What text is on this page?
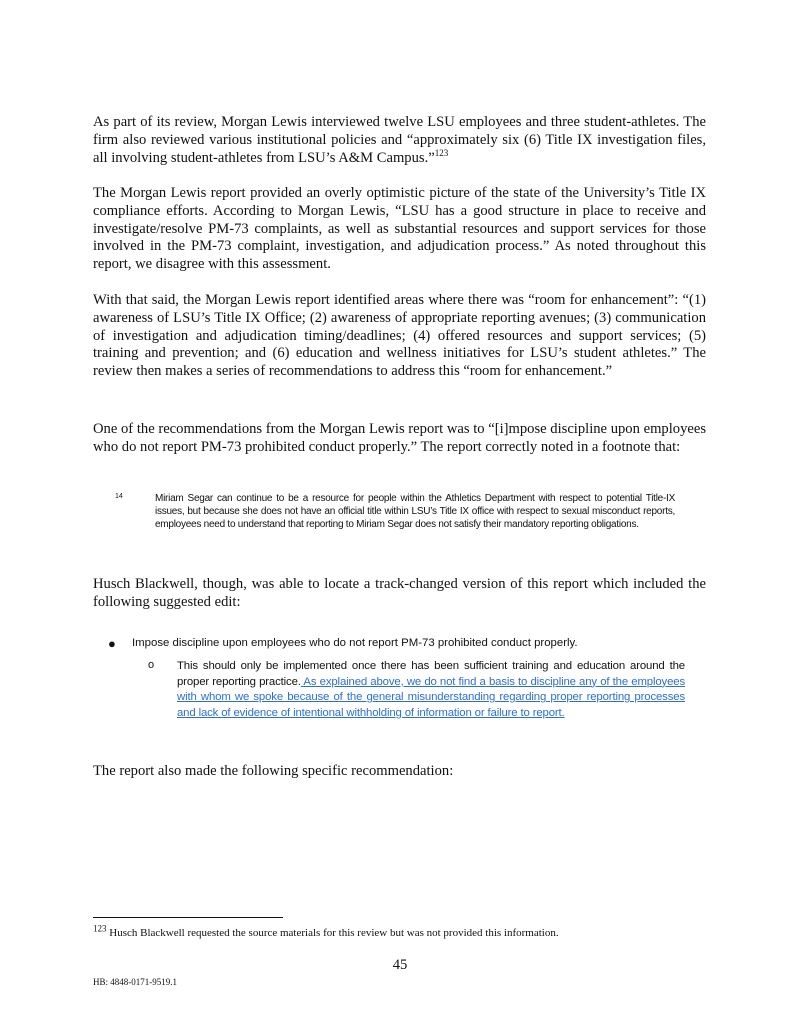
As part of its review, Morgan Lewis interviewed twelve LSU employees and three student-athletes. The firm also reviewed various institutional policies and “approximately six (6) Title IX investigation files, all involving student-athletes from LSU’s A&M Campus.”$^{123}$

The Morgan Lewis report provided an overly optimistic picture of the state of the University’s Title IX compliance efforts. According to Morgan Lewis, “LSU has a good structure in place to receive and investigate/resolve PM-73 complaints, as well as substantial resources and support services for those involved in the PM-73 complaint, investigation, and adjudication process.” As noted throughout this report, we disagree with this assessment.

With that said, the Morgan Lewis report identified areas where there was “room for enhancement”: “(1) awareness of LSU’s Title IX Office; (2) awareness of appropriate reporting avenues; (3) communication of investigation and adjudication timing/deadlines; (4) offered resources and support services; (5) training and prevention; and (6) education and wellness initiatives for LSU’s student athletes.” The review then makes a series of recommendations to address this “room for enhancement.”

One of the recommendations from the Morgan Lewis report was to “[i]mpose discipline upon employees who do not report PM-73 prohibited conduct properly.” The report correctly noted in a footnote that:

14	Miriam Segar can continue to be a resource for people within the Athletics Department with respect to potential Title-IX issues, but because she does not have an official title within LSU’s Title IX office with respect to sexual misconduct reports, employees need to understand that reporting to Miriam Segar does not satisfy their mandatory reporting obligations.

Husch Blackwell, though, was able to locate a track-changed version of this report which included the following suggested edit:

● Impose discipline upon employees who do not report PM-73 prohibited conduct properly.
o This should only be implemented once there has been sufficient training and education around the proper reporting practice. As explained above, we do not find a basis to discipline any of the employees with whom we spoke because of the general misunderstanding regarding proper reporting processes and lack of evidence of intentional withholding of information or failure to report.

The report also made the following specific recommendation:

$^{123}$ Husch Blackwell requested the source materials for this review but was not provided this information.
45
HB: 4848-0171-9519.1
